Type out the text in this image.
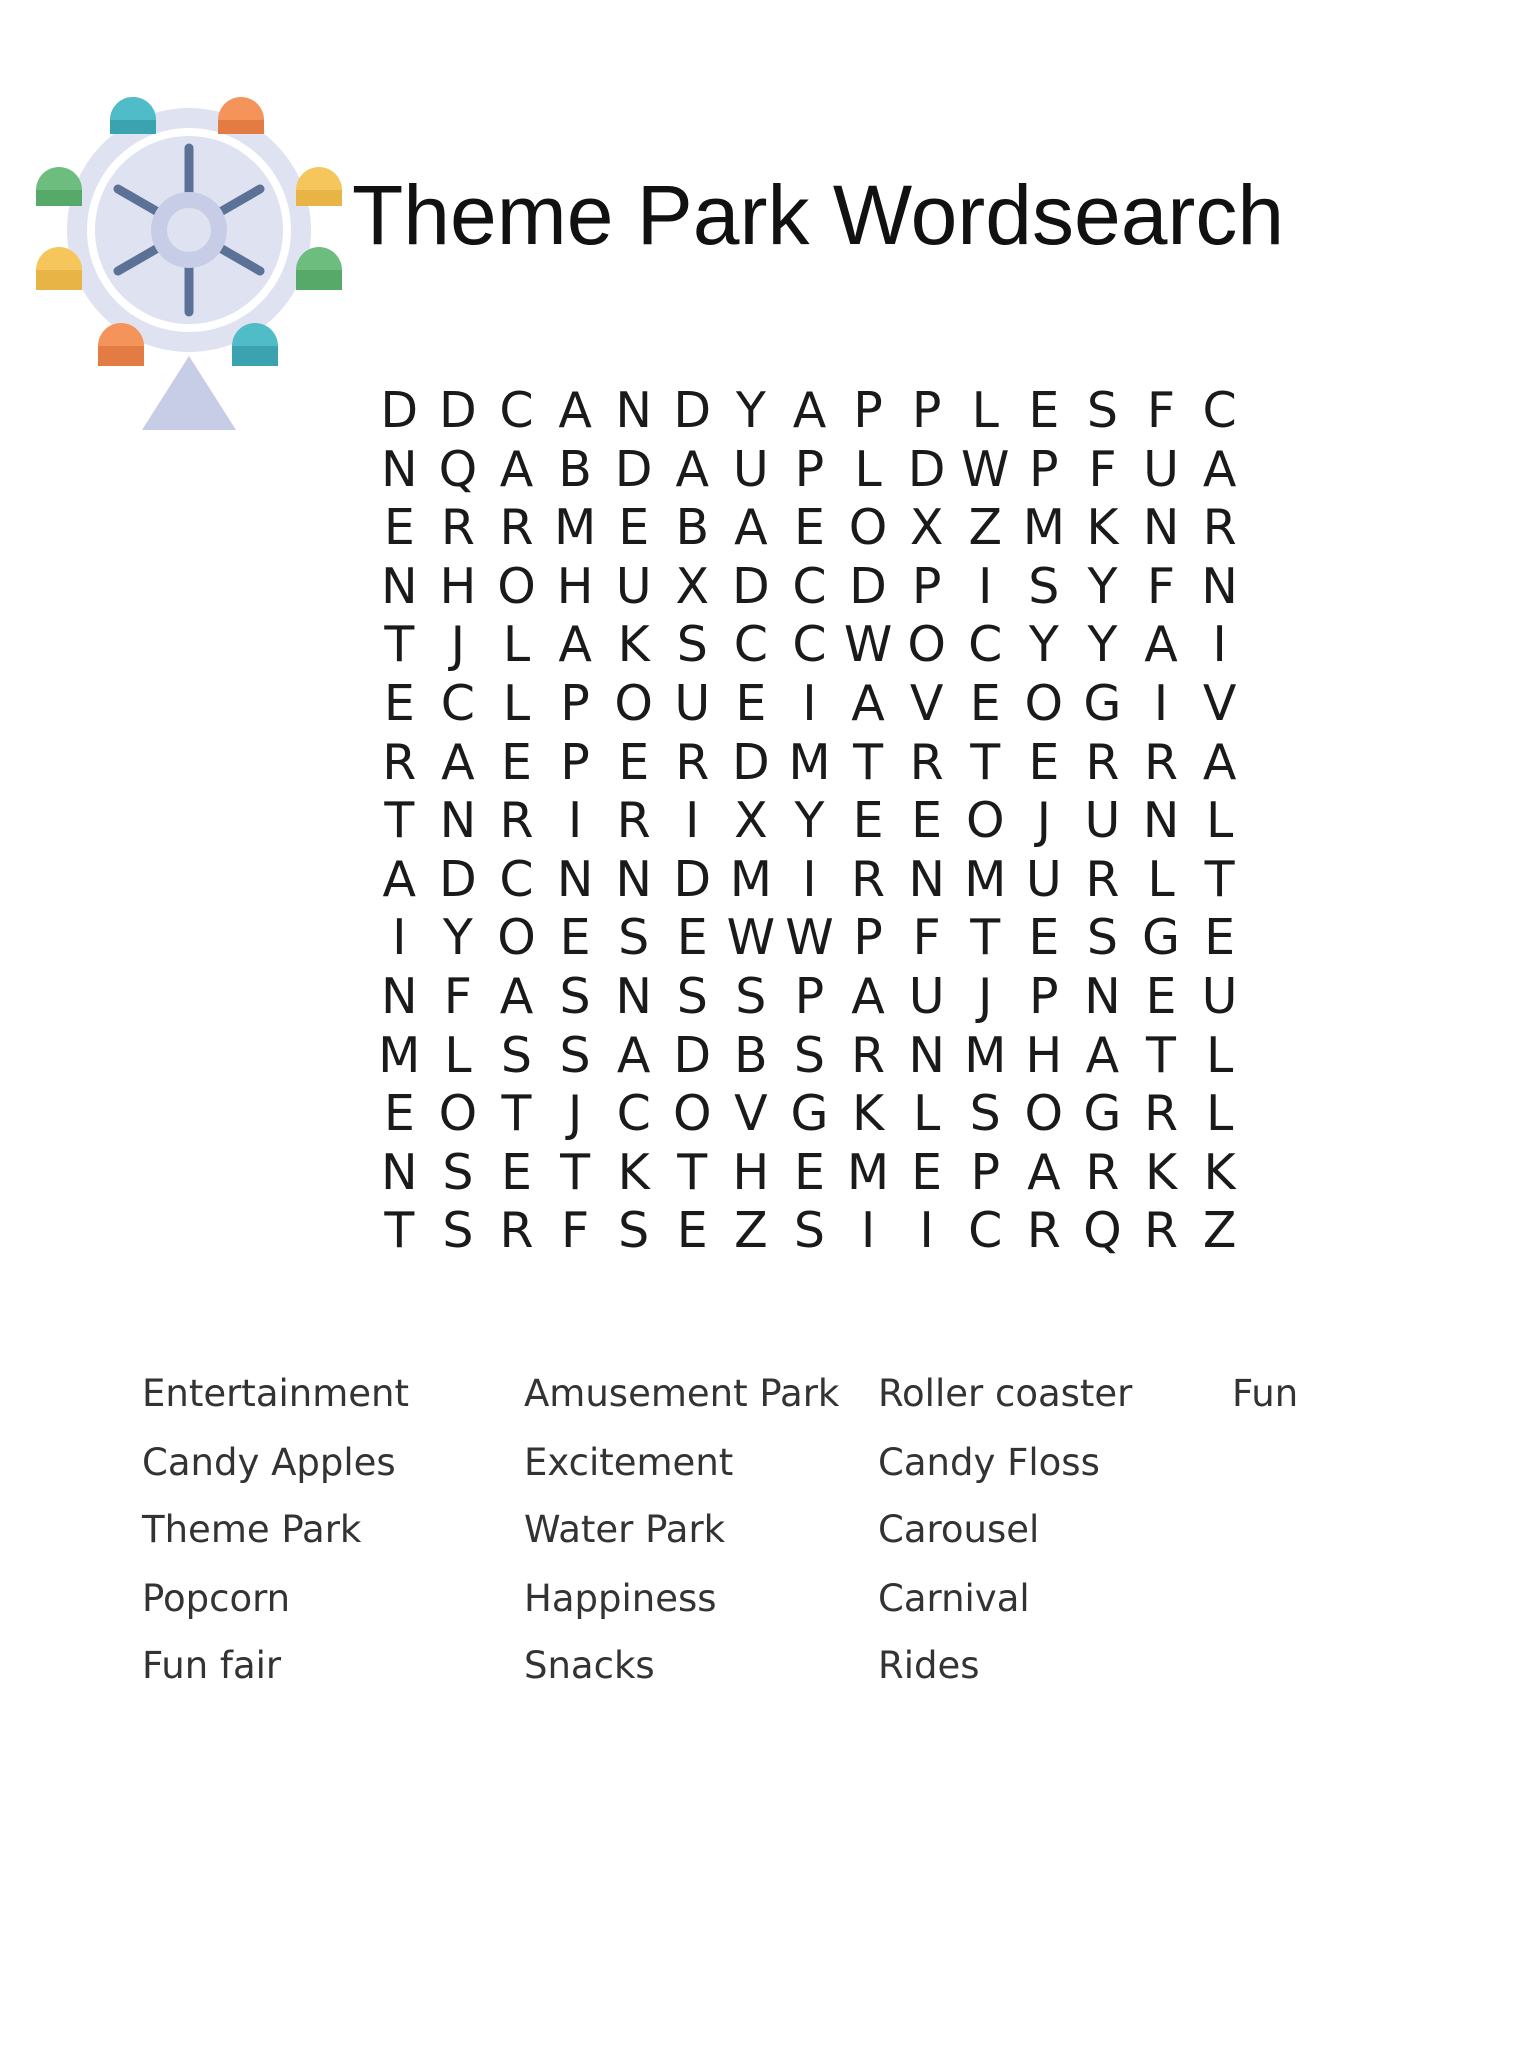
Theme Park Wordsearch
D D C A N D Y A P P L E S F C
N Q A B D A U P L D W P F U A
E R R M E B A E O X Z M K N R
N H O H U X D C D P I S Y F N
T J L A K S C C W O C Y Y A I
E C L P O U E I A V E O G I V
R A E P E R D M T R T E R R A
T N R I R I X Y E E O J U N L
A D C N N D M I R N M U R L T
I Y O E S E W W P F T E S G E
N F A S N S S P A U J P N E U
M L S S A D B S R N M H A T L
E O T J C O V G K L S O G R L
N S E T K T H E M E P A R K K
T S R F S E Z S I I C R Q R Z
Entertainment
Candy Apples
Theme Park
Popcorn
Fun fair
Amusement Park
Excitement
Water Park
Happiness
Snacks
Roller coaster
Candy Floss
Carousel
Carnival
Rides
Fun
